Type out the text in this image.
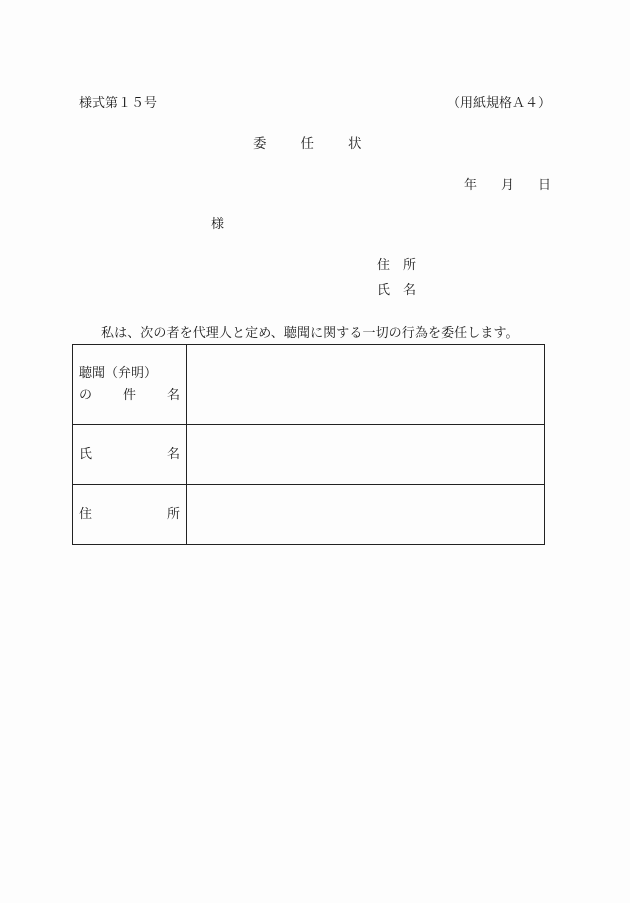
様式第１５号	（用紙規格Ａ４）
委	任	状
年 月 日
様
住　所
氏　名
私は、次の者を代理人と定め、聴聞に関する一切の行為を委任します。
聴聞（弁明）
の 件 名	

氏 名	

住 所	
